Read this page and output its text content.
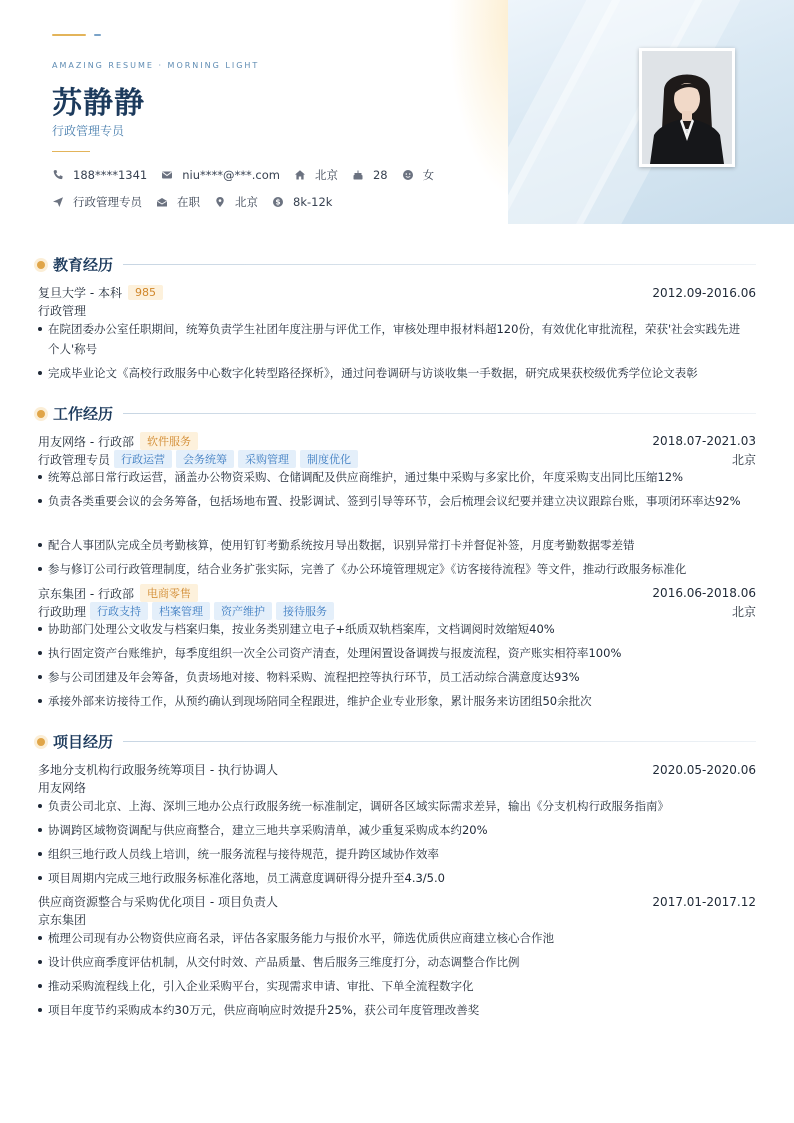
AMAZING RESUME · MORNING LIGHT
苏静静
行政管理专员
188****1341	niu****@***.com	北京	28	女
行政管理专员	在职	北京 $ 8k-12k
教育经历
复旦大学 - 本科	985	2012.09-2016.06
行政管理
在院团委办公室任职期间，统筹负责学生社团年度注册与评优工作，审核处理申报材料超120份，有效优化审批流程，荣获'社会实践先进个人'称号
完成毕业论文《高校行政服务中心数字化转型路径探析》，通过问卷调研与访谈收集一手数据，研究成果获校级优秀学位论文表彰
工作经历
用友网络 - 行政部	软件服务	2018.07-2021.03
行政管理专员	行政运营	会务统筹	采购管理	制度优化	北京
统筹总部日常行政运营，涵盖办公物资采购、仓储调配及供应商维护，通过集中采购与多家比价，年度采购支出同比压缩12%
负责各类重要会议的会务筹备，包括场地布置、投影调试、签到引导等环节，会后梳理会议纪要并建立决议跟踪台账，事项闭环率达92%
配合人事团队完成全员考勤核算，使用钉钉考勤系统按月导出数据，识别异常打卡并督促补签，月度考勤数据零差错
参与修订公司行政管理制度，结合业务扩张实际，完善了《办公环境管理规定》《访客接待流程》等文件，推动行政服务标准化
京东集团 - 行政部	电商零售	2016.06-2018.06
行政助理	行政支持	档案管理	资产维护	接待服务	北京
协助部门处理公文收发与档案归集，按业务类别建立电子+纸质双轨档案库，文档调阅时效缩短40%
执行固定资产台账维护，每季度组织一次全公司资产清查，处理闲置设备调拨与报废流程，资产账实相符率100%
参与公司团建及年会筹备，负责场地对接、物料采购、流程把控等执行环节，员工活动综合满意度达93%
承接外部来访接待工作，从预约确认到现场陪同全程跟进，维护企业专业形象，累计服务来访团组50余批次
项目经历
多地分支机构行政服务统筹项目 - 执行协调人	2020.05-2020.06
用友网络
负责公司北京、上海、深圳三地办公点行政服务统一标准制定，调研各区域实际需求差异，输出《分支机构行政服务指南》
协调跨区域物资调配与供应商整合，建立三地共享采购清单，减少重复采购成本约20%
组织三地行政人员线上培训，统一服务流程与接待规范，提升跨区域协作效率
项目周期内完成三地行政服务标准化落地，员工满意度调研得分提升至4.3/5.0
供应商资源整合与采购优化项目 - 项目负责人	2017.01-2017.12
京东集团
梳理公司现有办公物资供应商名录，评估各家服务能力与报价水平，筛选优质供应商建立核心合作池
设计供应商季度评估机制，从交付时效、产品质量、售后服务三维度打分，动态调整合作比例
推动采购流程线上化，引入企业采购平台，实现需求申请、审批、下单全流程数字化
项目年度节约采购成本约30万元，供应商响应时效提升25%，获公司年度管理改善奖
